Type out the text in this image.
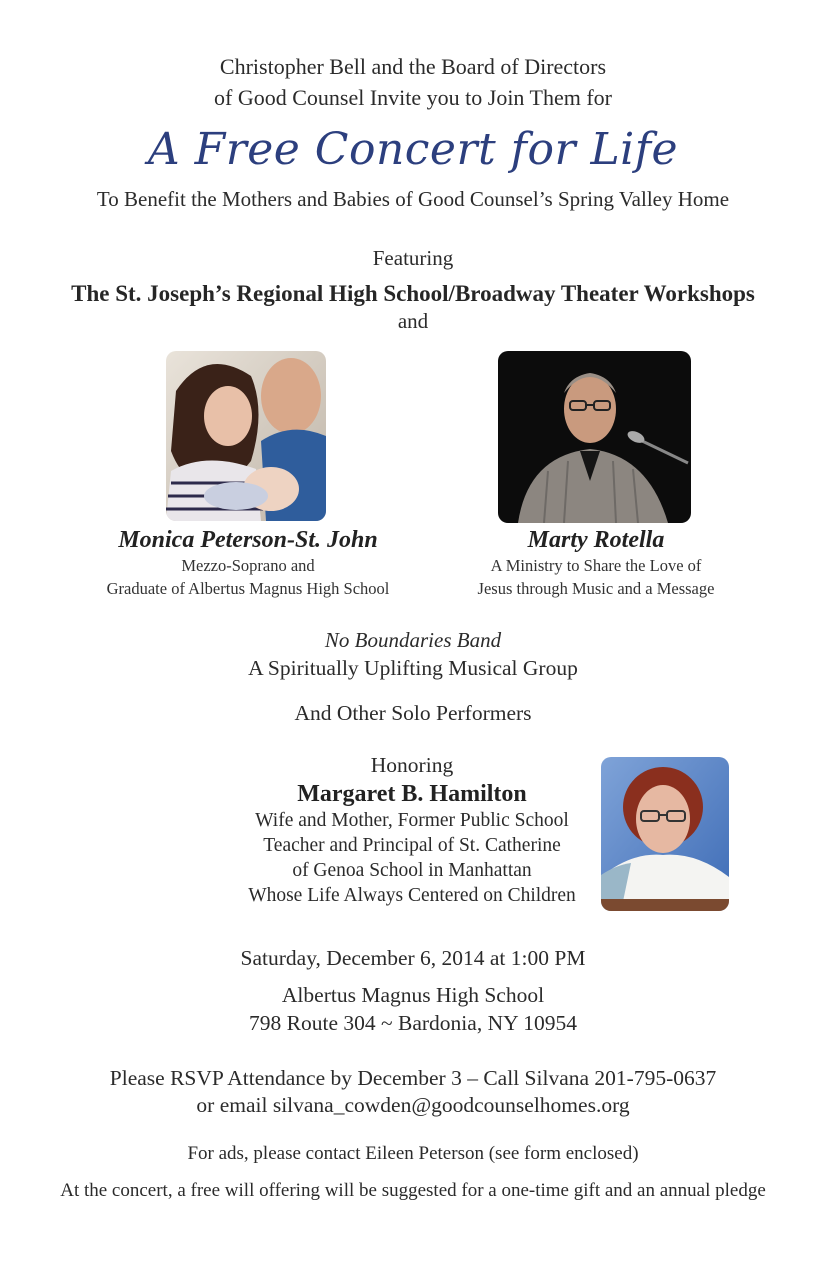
Christopher Bell and the Board of Directors
of Good Counsel Invite you to Join Them for
A Free Concert for Life
To Benefit the Mothers and Babies of Good Counsel’s Spring Valley Home
Featuring
The St. Joseph’s Regional High School/Broadway Theater Workshops
and
Monica Peterson-St. John
Mezzo-Soprano and
Graduate of Albertus Magnus High School
Marty Rotella
A Ministry to Share the Love of
Jesus through Music and a Message
No Boundaries Band
A Spiritually Uplifting Musical Group
And Other Solo Performers
Honoring
Margaret B. Hamilton
Wife and Mother, Former Public School
Teacher and Principal of St. Catherine
of Genoa School in Manhattan
Whose Life Always Centered on Children
Saturday, December 6, 2014 at 1:00 PM
Albertus Magnus High School
798 Route 304 ~ Bardonia, NY 10954
Please RSVP Attendance by December 3 – Call Silvana 201-795-0637
or email silvana_cowden@goodcounselhomes.org
For ads, please contact Eileen Peterson (see form enclosed)
At the concert, a free will offering will be suggested for a one-time gift and an annual pledge
